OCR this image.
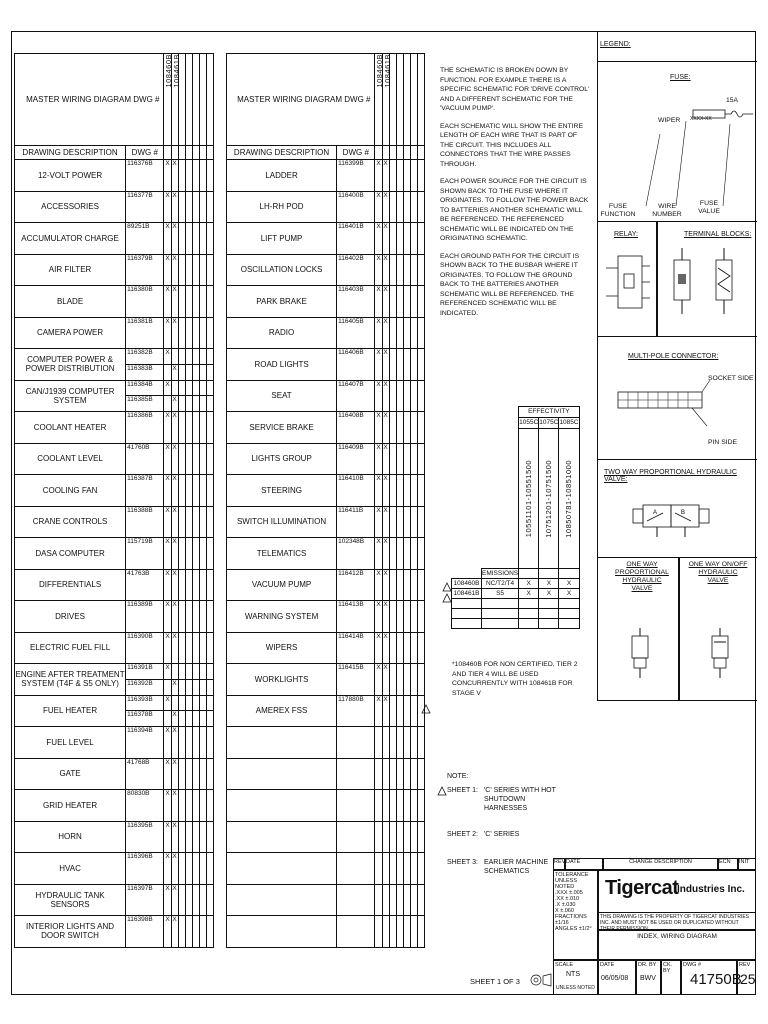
MASTER WIRING DIAGRAM DWG #		108460B	108461B					

DRAWING DESCRIPTION	DWG #							
12-VOLT POWER	116376B	X	X					
ACCESSORIES	116377B	X	X					
ACCUMULATOR CHARGE	89251B	X	X					
AIR FILTER	116379B	X	X					
BLADE	116380B	X	X					
CAMERA POWER	116381B	X	X					
COMPUTER POWER & POWER DISTRIBUTION	116382B	X						
	116383B		X					
CAN/J1939 COMPUTER SYSTEM	116384B	X						
	116385B		X					
COOLANT HEATER	116386B	X	X					
COOLANT LEVEL	41760B	X	X					
COOLING FAN	116387B	X	X					
CRANE CONTROLS	116388B	X	X					
DASA COMPUTER	115719B	X	X					
DIFFERENTIALS	41763B	X	X					
DRIVES	116389B	X	X					
ELECTRIC FUEL FILL	116390B	X	X					
ENGINE AFTER TREATMENT SYSTEM (T4F & S5 ONLY)	116391B	X						
	116392B		X					
FUEL HEATER	116393B	X						
	116378B		X					
FUEL LEVEL	116394B	X	X					
GATE	41768B	X	X					
GRID HEATER	80830B	X	X					
HORN	116395B	X	X					
HVAC	116396B	X	X					
HYDRAULIC TANK SENSORS	116397B	X	X					
INTERIOR LIGHTS AND DOOR SWITCH	116398B	X	X					
MASTER WIRING DIAGRAM DWG #		108460B	108461B					

DRAWING DESCRIPTION	DWG #							
LADDER	116399B	X	X					
LH-RH POD	116400B	X	X					
LIFT PUMP	116401B	X	X					
OSCILLATION LOCKS	116402B	X	X					
PARK BRAKE	116403B	X	X					
RADIO	116405B	X	X					
ROAD LIGHTS	116406B	X	X					
SEAT	116407B	X	X					
SERVICE BRAKE	116408B	X	X					
LIGHTS GROUP	116409B	X	X					
STEERING	116410B	X	X					
SWITCH ILLUMINATION	116411B	X	X					
TELEMATICS	102348B	X	X					
VACUUM PUMP	116412B	X	X					
WARNING SYSTEM	116413B	X	X					
WIPERS	116414B	X	X					
WORKLIGHTS	116415B	X	X					
AMEREX FSS	117880B	X	X					

THE SCHEMATIC IS BROKEN DOWN BY FUNCTION. FOR EXAMPLE THERE IS A SPECIFIC SCHEMATIC FOR 'DRIVE CONTROL' AND A DIFFERENT SCHEMATIC FOR THE 'VACUUM PUMP'.

EACH SCHEMATIC WILL SHOW THE ENTIRE LENGTH OF EACH WIRE THAT IS PART OF THE CIRCUIT. THIS INCLUDES ALL CONNECTORS THAT THE WIRE PASSES THROUGH.

EACH POWER SOURCE FOR THE CIRCUIT IS SHOWN BACK TO THE FUSE WHERE IT ORIGINATES. TO FOLLOW THE POWER BACK TO BATTERIES ANOTHER SCHEMATIC WILL BE REFERENCED. THE REFERENCED SCHEMATIC WILL BE INDICATED ON THE ORIGINATING SCHEMATIC.

EACH GROUND PATH FOR THE CIRCUIT IS SHOWN BACK TO THE BUSBAR WHERE IT ORIGINATES. TO FOLLOW THE GROUND BACK TO THE BATTERIES ANOTHER SCHEMATIC WILL BE REFERENCED. THE REFERENCED SCHEMATIC WILL BE INDICATED.

		EFFECTIVITY		
		1055C	1075C	1085C

		10551101-10551500	10751201-10751500	10850781-10851000

	EMISSIONS			
108460B	NC/T2/T4	X	X	X
108461B	S5	X	X	X

*108460B FOR NON CERTIFIED, TIER 2 AND TIER 4 WILL BE USED CONCURRENTLY WITH 108461B FOR STAGE V
NOTE:
SHEET 1: 'C' SERIES WITH HOT SHUTDOWN HARNESSES
SHEET 2: 'C' SERIES
SHEET 3: EARLIER MACHINE SCHEMATICS
SHEET 1 OF 3
LEGEND:
FUSE:
WIPER XXXX-XX
15A
FUSE FUNCTION
WIRE NUMBER
FUSE VALUE
RELAY:	TERMINAL BLOCKS:
MULTI-POLE CONNECTOR:
SOCKET SIDE
PIN SIDE
TWO WAY PROPORTIONAL HYDRAULIC VALVE:
A	B
ONE WAY PROPORTIONAL HYDRAULIC VALVE
ONE WAY ON/OFF HYDRAULIC VALVE
REV DATE	CHANGE DESCRIPTION	ECN	INIT
TOLERANCE UNLESS NOTED
.XXX ±.005
.XX ±.010
.X ±.030
X ±.060
FRACTIONS ±1/16
ANGLES ±1/2°
Tigercat
Industries Inc.
THIS DRAWING IS THE PROPERTY OF TIGERCAT INDUSTRIES INC. AND MUST NOT BE USED OR DUPLICATED WITHOUT THEIR PERMISSION.
INDEX, WIRING DIAGRAM
SCALE
NTS
UNLESS NOTED
DATE
06/05/08
DR. BY
BWV
CK. BY
DWG #
41750B
REV
25
